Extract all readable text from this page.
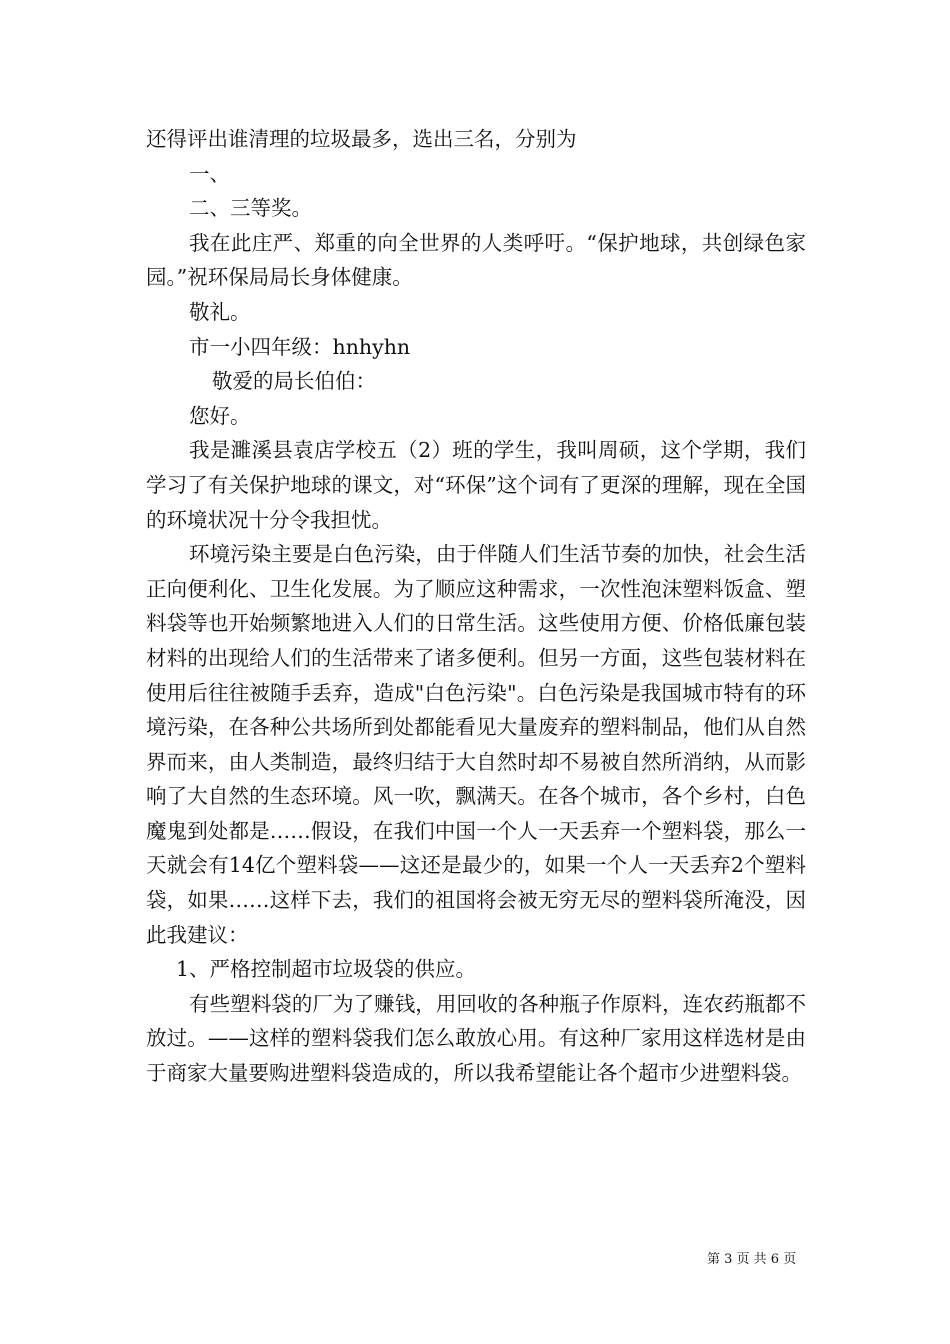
还得评出谁清理的垃圾最多，选出三名，分别为

一、

二、三等奖。

我在此庄严、郑重的向全世界的人类呼吁。“保护地球，共创绿色家园。”祝环保局局长身体健康。

敬礼。

市一小四年级：hnhyhn

敬爱的局长伯伯：

您好。

我是濉溪县袁店学校五（2）班的学生，我叫周硕，这个学期，我们学习了有关保护地球的课文，对“环保”这个词有了更深的理解，现在全国的环境状况十分令我担忧。

环境污染主要是白色污染，由于伴随人们生活节奏的加快，社会生活正向便利化、卫生化发展。为了顺应这种需求，一次性泡沫塑料饭盒、塑料袋等也开始频繁地进入人们的日常生活。这些使用方便、价格低廉包装材料的出现给人们的生活带来了诸多便利。但另一方面，这些包装材料在使用后往往被随手丢弃，造成"白色污染"。白色污染是我国城市特有的环境污染，在各种公共场所到处都能看见大量废弃的塑料制品，他们从自然界而来，由人类制造，最终归结于大自然时却不易被自然所消纳，从而影响了大自然的生态环境。风一吹，飘满天。在各个城市，各个乡村，白色魔鬼到处都是……假设，在我们中国一个人一天丢弃一个塑料袋，那么一天就会有14亿个塑料袋——这还是最少的，如果一个人一天丢弃2个塑料袋，如果……这样下去，我们的祖国将会被无穷无尽的塑料袋所淹没，因此我建议：

1、严格控制超市垃圾袋的供应。

有些塑料袋的厂为了赚钱，用回收的各种瓶子作原料，连农药瓶都不放过。——这样的塑料袋我们怎么敢放心用。有这种厂家用这样选材是由于商家大量要购进塑料袋造成的，所以我希望能让各个超市少进塑料袋。

第 3 页 共 6 页
